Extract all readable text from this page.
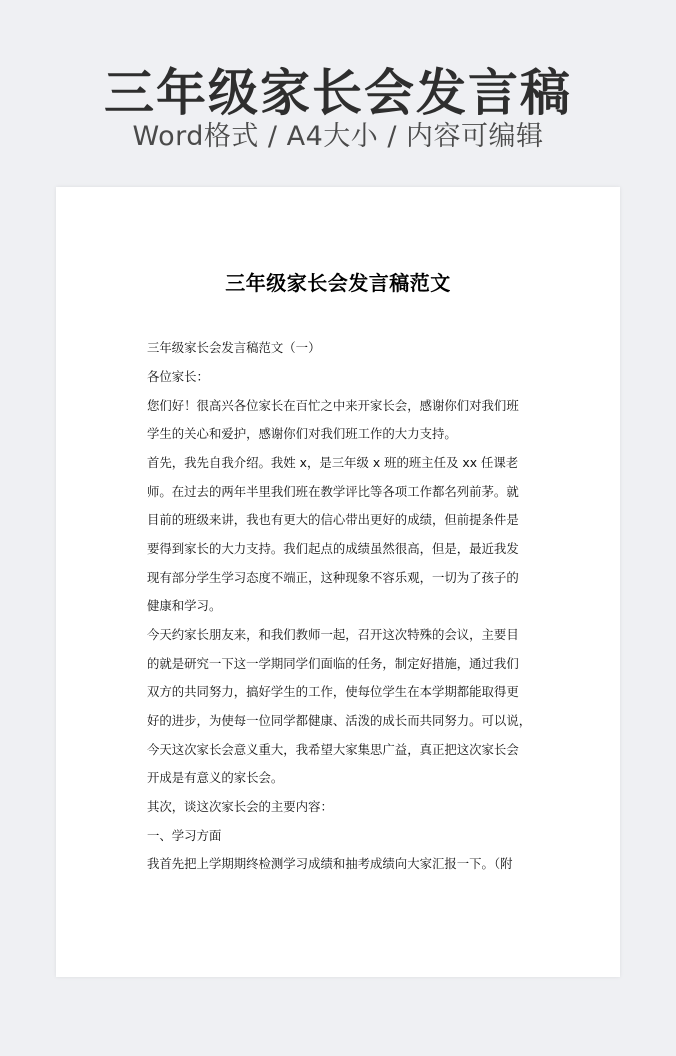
三年级家长会发言稿
Word格式 / A4大小 / 内容可编辑
三年级家长会发言稿范文
三年级家长会发言稿范文（一）
各位家长：
您们好！很高兴各位家长在百忙之中来开家长会，感谢你们对我们班
学生的关心和爱护，感谢你们对我们班工作的大力支持。
首先，我先自我介绍。我姓 x，是三年级 x 班的班主任及 xx 任课老
师。在过去的两年半里我们班在教学评比等各项工作都名列前茅。就
目前的班级来讲，我也有更大的信心带出更好的成绩，但前提条件是
要得到家长的大力支持。我们起点的成绩虽然很高，但是，最近我发
现有部分学生学习态度不端正，这种现象不容乐观，一切为了孩子的
健康和学习。
今天约家长朋友来，和我们教师一起，召开这次特殊的会议，主要目
的就是研究一下这一学期同学们面临的任务，制定好措施，通过我们
双方的共同努力，搞好学生的工作，使每位学生在本学期都能取得更
好的进步，为使每一位同学都健康、活泼的成长而共同努力。可以说，
今天这次家长会意义重大，我希望大家集思广益，真正把这次家长会
开成是有意义的家长会。
其次，谈这次家长会的主要内容：
一、学习方面
我首先把上学期期终检测学习成绩和抽考成绩向大家汇报一下。（附
